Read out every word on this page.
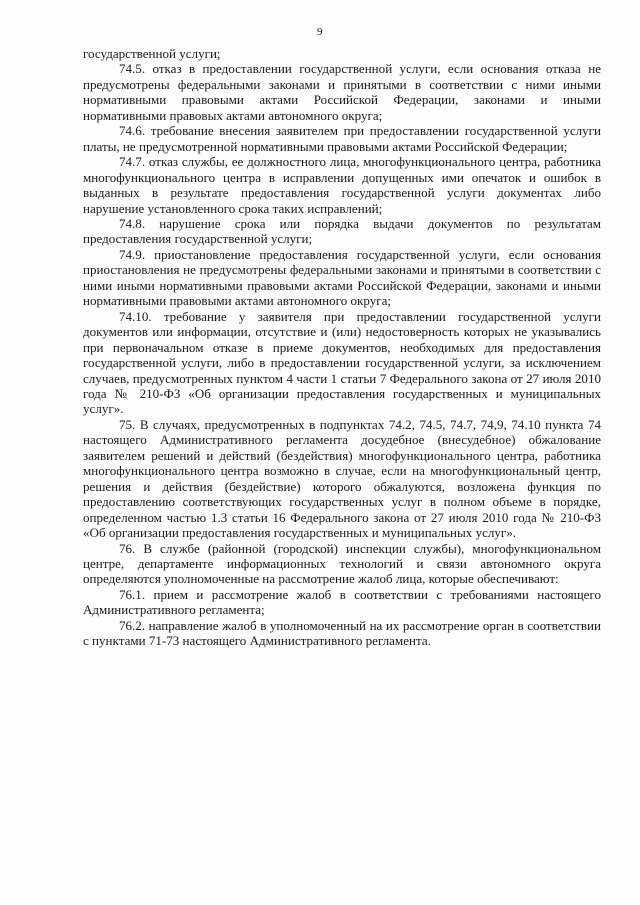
9

государственной услуги;

74.5. отказ в предоставлении государственной услуги, если основания отказа не предусмотрены федеральными законами и принятыми в соответствии с ними иными нормативными правовыми актами Российской Федерации, законами и иными нормативными правовых актами автономного округа;

74.6. требование внесения заявителем при предоставлении государственной услуги платы, не предусмотренной нормативными правовыми актами Российской Федерации;

74.7. отказ службы, ее должностного лица, многофункционального центра, работника многофункционального центра в исправлении допущенных ими опечаток и ошибок в выданных в результате предоставления государственной услуги документах либо нарушение установленного срока таких исправлений;

74.8. нарушение срока или порядка выдачи документов по результатам предоставления государственной услуги;

74.9. приостановление предоставления государственной услуги, если основания приостановления не предусмотрены федеральными законами и принятыми в соответствии с ними иными нормативными правовыми актами Российской Федерации, законами и иными нормативными правовыми актами автономного округа;

74.10. требование у заявителя при предоставлении государственной услуги документов или информации, отсутствие и (или) недостоверность которых не указывались при первоначальном отказе в приеме документов, необходимых для предоставления государственной услуги, либо в предоставлении государственной услуги, за исключением случаев, предусмотренных пунктом 4 части 1 статьи 7 Федерального закона от 27 июля 2010 года № 210-ФЗ «Об организации предоставления государственных и муниципальных услуг».

75. В случаях, предусмотренных в подпунктах 74.2, 74.5, 74.7, 74,9, 74.10 пункта 74 настоящего Административного регламента досудебное (внесудебное) обжалование заявителем решений и действий (бездействия) многофункционального центра, работника многофункционального центра возможно в случае, если на многофункциональный центр, решения и действия (бездействие) которого обжалуются, возложена функция по предоставлению соответствующих государственных услуг в полном объеме в порядке, определенном частью 1.3 статьи 16 Федерального закона от 27 июля 2010 года № 210-ФЗ «Об организации предоставления государственных и муниципальных услуг».

76. В службе (районной (городской) инспекции службы), многофункциональном центре, департаменте информационных технологий и связи автономного округа определяются уполномоченные на рассмотрение жалоб лица, которые обеспечивают:

76.1. прием и рассмотрение жалоб в соответствии с требованиями настоящего Административного регламента;

76.2. направление жалоб в уполномоченный на их рассмотрение орган в соответствии с пунктами 71-73 настоящего Административного регламента.
